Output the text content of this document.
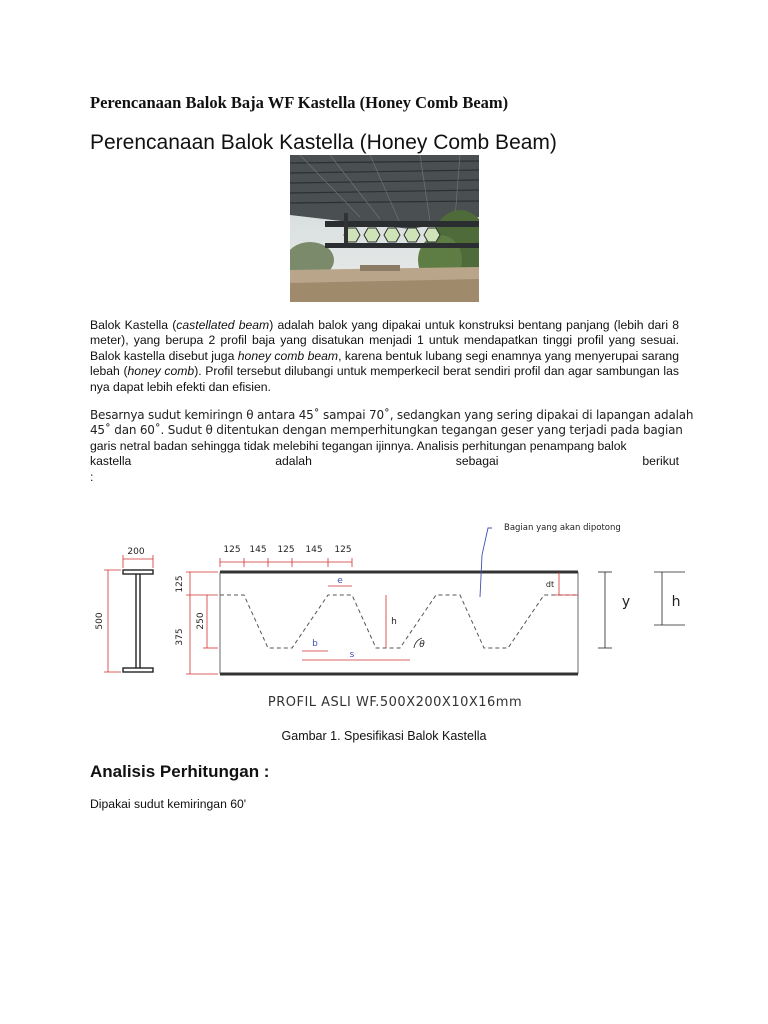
Perencanaan Balok Baja WF Kastella (Honey Comb Beam)
Perencanaan Balok Kastella (Honey Comb Beam)
Balok Kastella (castellated beam) adalah balok yang dipakai untuk konstruksi bentang panjang (lebih dari 8 meter), yang berupa 2 profil baja yang disatukan menjadi 1 untuk mendapatkan tinggi profil yang sesuai. Balok kastella disebut juga honey comb beam, karena bentuk lubang segi enamnya yang menyerupai sarang lebah (honey comb). Profil tersebut dilubangi untuk memperkecil berat sendiri profil dan agar sambungan las nya dapat lebih efekti dan efisien.
Besarnya sudut kemiringn θ antara 45˚ sampai 70˚, sedangkan yang sering dipakai di lapangan adalah
45˚ dan 60˚. Sudut θ ditentukan dengan memperhitungkan tegangan geser yang terjadi pada bagian
garis netral badan sehingga tidak melebihi tegangan ijinnya. Analisis perhitungan penampang balok
kastella	adalah	sebagai	berikut
:
200
500
125 145 125 145 125
125
375
250
e
h
b
s
θ
dt
Bagian yang akan dipotong
y	h
PROFIL ASLI WF.500X200X10X16mm
Gambar 1. Spesifikasi Balok Kastella
Analisis Perhitungan :
Dipakai sudut kemiringan 60'
